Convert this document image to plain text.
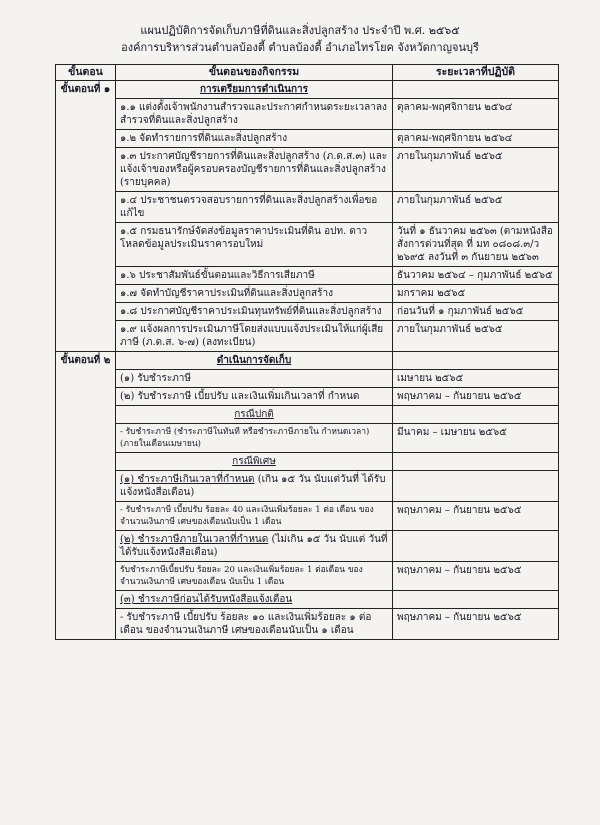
แผนปฏิบัติการจัดเก็บภาษีที่ดินและสิ่งปลูกสร้าง ประจำปี พ.ศ. ๒๕๖๕
องค์การบริหารส่วนตำบลบ้องตี้ ตำบลบ้องตี้ อำเภอไทรโยค จังหวัดกาญจนบุรี
ขั้นตอน	ขั้นตอนของกิจกรรม	ระยะเวลาที่ปฏิบัติ
ขั้นตอนที่ ๑	การเตรียมการดำเนินการ	
	๑.๑ แต่งตั้งเจ้าพนักงานสำรวจและประกาศกำหนดระยะเวลาลง สำรวจที่ดินและสิ่งปลูกสร้าง	ตุลาคม-พฤศจิกายน ๒๕๖๔
	๑.๒ จัดทำรายการที่ดินและสิ่งปลูกสร้าง	ตุลาคม-พฤศจิกายน ๒๕๖๔
	๑.๓ ประกาศบัญชีรายการที่ดินและสิ่งปลูกสร้าง (ภ.ด.ส.๓) และ แจ้งเจ้าของหรือผู้ครอบครองบัญชีรายการที่ดินและสิ่งปลูกสร้าง (รายบุคคล)	ภายในกุมภาพันธ์ ๒๕๖๕
	๑.๔ ประชาชนตรวจสอบรายการที่ดินและสิ่งปลูกสร้างเพื่อขอ แก้ไข	ภายในกุมภาพันธ์ ๒๕๖๕
	๑.๕ กรมธนารักษ์จัดส่งข้อมูลราคาประเมินที่ดิน อปท. ดาวโหลดข้อมูลประเมินราคารอบใหม่	วันที่ ๑ ธันวาคม ๒๕๖๓ (ตามหนังสือสั่งการด่วนที่สุด ที่ มท ๐๘๐๘.๓/ว ๒๖๙๕ ลงวันที่ ๓ กันยายน ๒๕๖๓
	๑.๖ ประชาสัมพันธ์ขั้นตอนและวิธีการเสียภาษี	ธันวาคม ๒๕๖๔ – กุมภาพันธ์ ๒๕๖๕
	๑.๗ จัดทำบัญชีราคาประเมินที่ดินและสิ่งปลูกสร้าง	มกราคม ๒๕๖๕
	๑.๘ ประกาศบัญชีราคาประเมินทุนทรัพย์ที่ดินและสิ่งปลูกสร้าง	ก่อนวันที่ ๑ กุมภาพันธ์ ๒๕๖๕
	๑.๙ แจ้งผลการประเมินภาษีโดยส่งแบบแจ้งประเมินให้แก่ผู้เสีย ภาษี (ภ.ด.ส. ๖-๗) (ลงทะเบียน)	ภายในกุมภาพันธ์ ๒๕๖๕
ขั้นตอนที่ ๒	ดำเนินการจัดเก็บ	
	(๑) รับชำระภาษี	เมษายน ๒๕๖๕
	(๒) รับชำระภาษี เบี้ยปรับ และเงินเพิ่มเกินเวลาที่ กำหนด	พฤษภาคม – กันยายน ๒๕๖๕
	กรณีปกติ	
	- รับชำระภาษี (ชำระภาษีในทันที หรือชำระภาษีภายใน กำหนดเวลา) (ภายในเดือนเมษายน)	มีนาคม – เมษายน ๒๕๖๕
	กรณีพิเศษ	
	(๑) ชำระภาษีเกินเวลาที่กำหนด (เกิน ๑๕ วัน นับแต่วันที่ ได้รับแจ้งหนังสือเตือน)	
	- รับชำระภาษี เบี้ยปรับ ร้อยละ 40 และเงินเพิ่มร้อยละ 1 ต่อ เดือน ของจำนวนเงินภาษี เศษของเดือนนับเป็น 1 เดือน	พฤษภาคม – กันยายน ๒๕๖๕
	(๒) ชำระภาษีภายในเวลาที่กำหนด (ไม่เกิน ๑๕ วัน นับแต่ วันที่ได้รับแจ้งหนังสือเตือน)	
	รับชำระภาษีเบี้ยปรับ ร้อยละ 20 และเงินเพิ่มร้อยละ 1 ต่อเดือน ของ จำนวนเงินภาษี เศษของเดือน นับเป็น 1 เดือน	พฤษภาคม – กันยายน ๒๕๖๕
	(๓) ชำระภาษีก่อนได้รับหนังสือแจ้งเตือน	
	- รับชำระภาษี เบี้ยปรับ ร้อยละ ๑๐ และเงินเพิ่มร้อยละ ๑ ต่อเดือน ของจำนวนเงินภาษี เศษของเดือนนับเป็น ๑ เดือน	พฤษภาคม – กันยายน ๒๕๖๕
